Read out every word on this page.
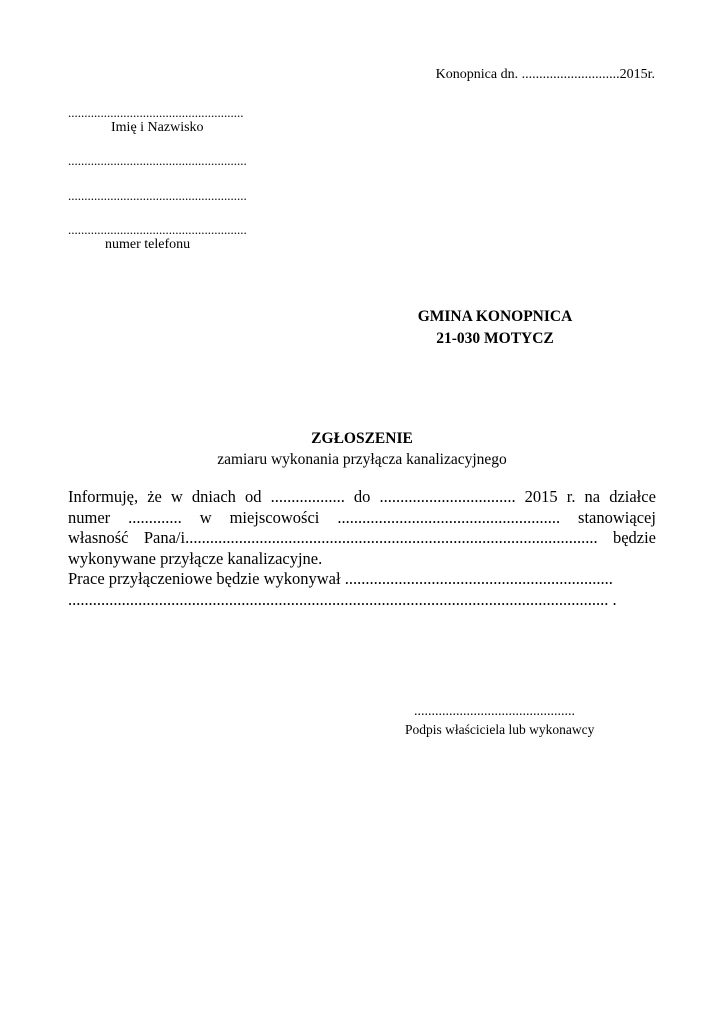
Konopnica dn. ............................2015r.

......................................................

Imię i Nazwisko

.......................................................

.......................................................

.......................................................

numer telefonu

GMINA KONOPNICA

21-030 MOTYCZ

ZGŁOSZENIE

zamiaru wykonania przyłącza kanalizacyjnego

Informuję, że w dniach od .................. do ................................. 2015 r. na działce
numer ............. w miejscowości ...................................................... stanowiącej
własność Pana/i.................................................................................................... będzie
wykonywane przyłącze kanalizacyjne.
Prace przyłączeniowe będzie wykonywał .................................................................
................................................................................................................................... .

..............................................

Podpis właściciela lub wykonawcy
